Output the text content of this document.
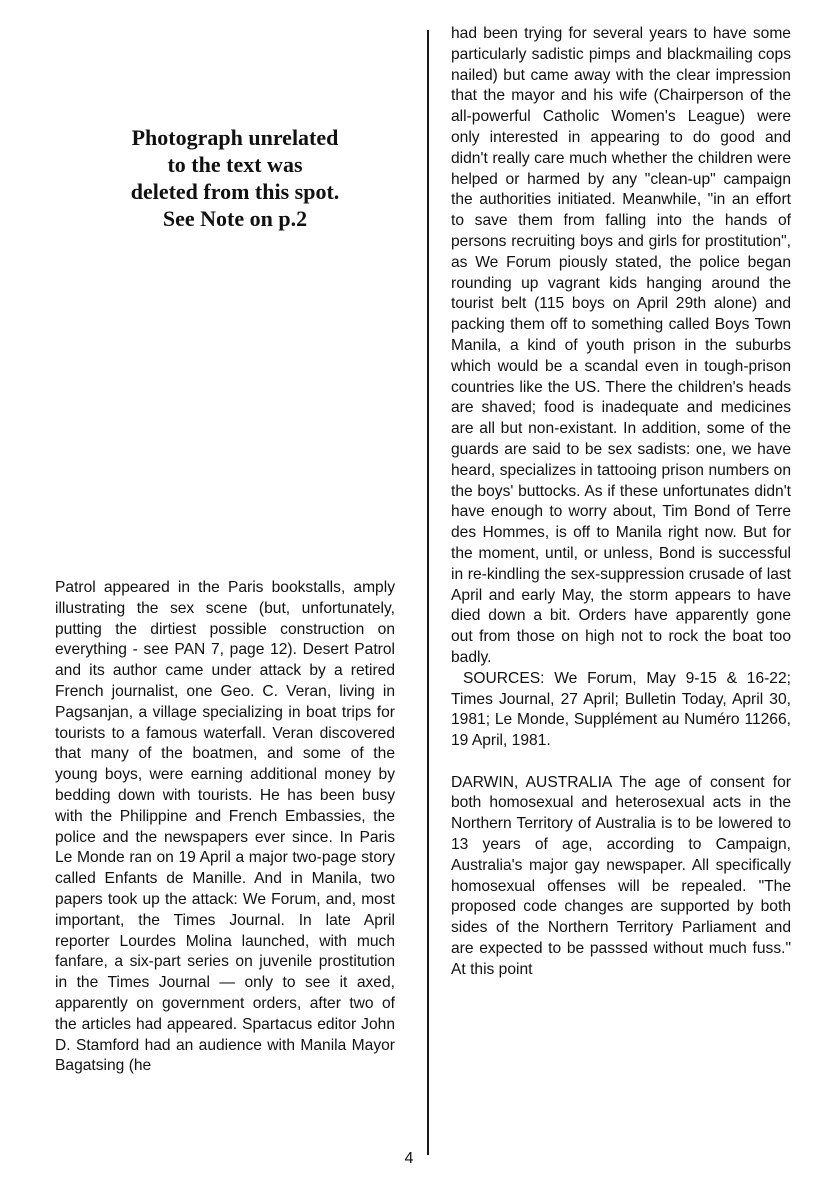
Photograph unrelated
to the text was
deleted from this spot.
See Note on p.2

Patrol appeared in the Paris bookstalls, amply illustrating the sex scene (but, unfortunately, putting the dirtiest possible construction on everything - see PAN 7, page 12). Desert Patrol and its author came under attack by a retired French journalist, one Geo. C. Veran, living in Pagsanjan, a village specializing in boat trips for tourists to a famous waterfall. Veran discovered that many of the boatmen, and some of the young boys, were earning additional money by bedding down with tourists. He has been busy with the Philippine and French Embassies, the police and the newspapers ever since. In Paris Le Monde ran on 19 April a major two-page story called Enfants de Manille. And in Manila, two papers took up the attack: We Forum, and, most important, the Times Journal. In late April reporter Lourdes Molina launched, with much fanfare, a six-part series on juvenile prostitution in the Times Journal — only to see it axed, apparently on government orders, after two of the articles had appeared. Spartacus editor John D. Stamford had an audience with Manila Mayor Bagatsing (he

had been trying for several years to have some particularly sadistic pimps and blackmailing cops nailed) but came away with the clear impression that the mayor and his wife (Chairperson of the all-powerful Catholic Women's League) were only interested in appearing to do good and didn't really care much whether the children were helped or harmed by any "clean-up" campaign the authorities initiated. Meanwhile, "in an effort to save them from falling into the hands of persons recruiting boys and girls for prostitution", as We Forum piously stated, the police began rounding up vagrant kids hanging around the tourist belt (115 boys on April 29th alone) and packing them off to something called Boys Town Manila, a kind of youth prison in the suburbs which would be a scandal even in tough-prison countries like the US. There the children's heads are shaved; food is inadequate and medicines are all but non-existant. In addition, some of the guards are said to be sex sadists: one, we have heard, specializes in tattooing prison numbers on the boys' buttocks. As if these unfortunates didn't have enough to worry about, Tim Bond of Terre des Hommes, is off to Manila right now. But for the moment, until, or unless, Bond is successful in re-kindling the sex-suppression crusade of last April and early May, the storm appears to have died down a bit. Orders have apparently gone out from those on high not to rock the boat too badly.

SOURCES: We Forum, May 9-15 & 16-22; Times Journal, 27 April; Bulletin Today, April 30, 1981; Le Monde, Supplément au Numéro 11266, 19 April, 1981.

DARWIN, AUSTRALIA The age of consent for both homosexual and heterosexual acts in the Northern Territory of Australia is to be lowered to 13 years of age, according to Campaign, Australia's major gay newspaper. All specifically homosexual offenses will be repealed. "The proposed code changes are supported by both sides of the Northern Territory Parliament and are expected to be passsed without much fuss." At this point

4
